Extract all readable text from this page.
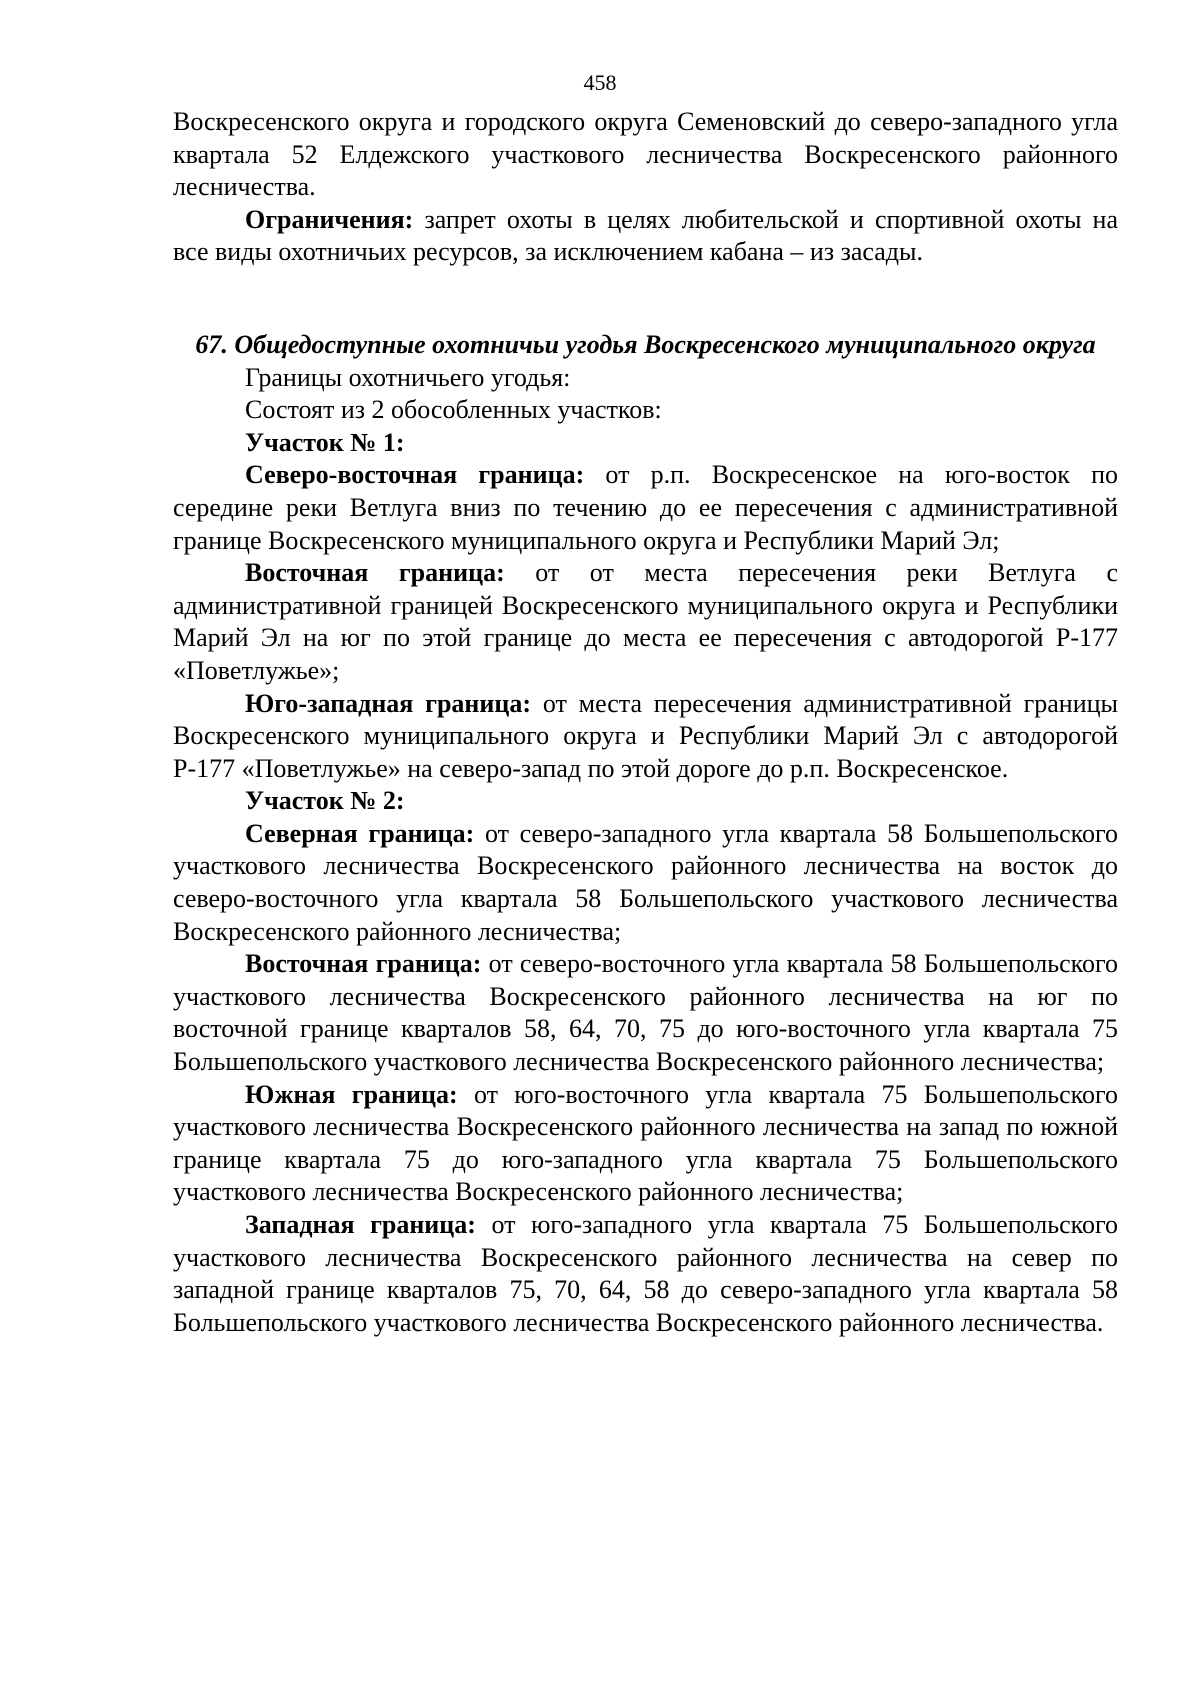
458

Воскресенского округа и городского округа Семеновский до северо-западного угла квартала 52 Елдежского участкового лесничества Воскресенского районного лесничества.

Ограничения: запрет охоты в целях любительской и спортивной охоты на все виды охотничьих ресурсов, за исключением кабана – из засады.

67. Общедоступные охотничьи угодья Воскресенского муниципального округа

Границы охотничьего угодья:

Состоят из 2 обособленных участков:

Участок № 1:

Северо-восточная граница: от р.п. Воскресенское на юго-восток по середине реки Ветлуга вниз по течению до ее пересечения с административной границе Воскресенского муниципального округа и Республики Марий Эл;

Восточная граница: от от места пересечения реки Ветлуга с административной границей Воскресенского муниципального округа и Республики Марий Эл на юг по этой границе до места ее пересечения с автодорогой Р-177 «Поветлужье»;

Юго-западная граница: от места пересечения административной границы Воскресенского муниципального округа и Республики Марий Эл с автодорогой Р-177 «Поветлужье» на северо-запад по этой дороге до р.п. Воскресенское.

Участок № 2:

Северная граница: от северо-западного угла квартала 58 Большепольского участкового лесничества Воскресенского районного лесничества на восток до северо-восточного угла квартала 58 Большепольского участкового лесничества Воскресенского районного лесничества;

Восточная граница: от северо-восточного угла квартала 58 Большепольского участкового лесничества Воскресенского районного лесничества на юг по восточной границе кварталов 58, 64, 70, 75 до юго-восточного угла квартала 75 Большепольского участкового лесничества Воскресенского районного лесничества;

Южная граница: от юго-восточного угла квартала 75 Большепольского участкового лесничества Воскресенского районного лесничества на запад по южной границе квартала 75 до юго-западного угла квартала 75 Большепольского участкового лесничества Воскресенского районного лесничества;

Западная граница: от юго-западного угла квартала 75 Большепольского участкового лесничества Воскресенского районного лесничества на север по западной границе кварталов 75, 70, 64, 58 до северо-западного угла квартала 58 Большепольского участкового лесничества Воскресенского районного лесничества.
